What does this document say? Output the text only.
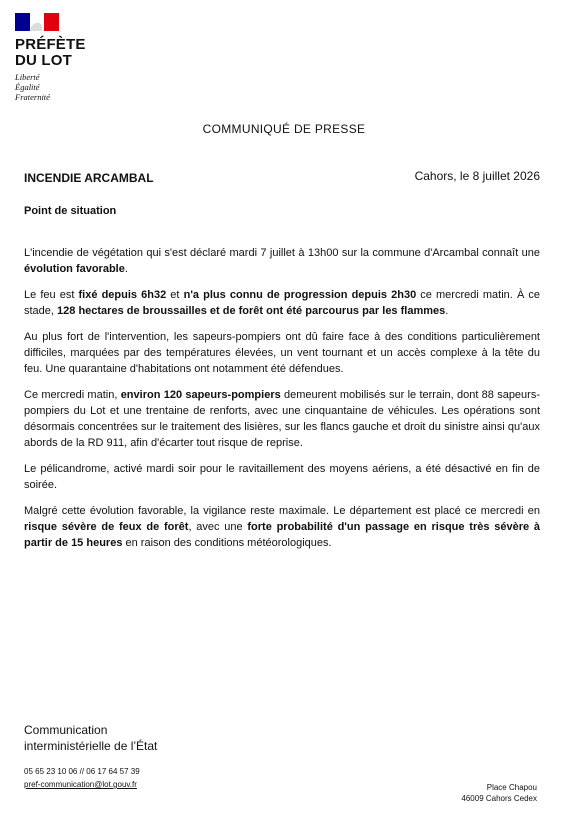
PRÉFÈTE
DU LOT
Liberté
Égalité
Fraternité
COMMUNIQUÉ DE PRESSE
INCENDIE ARCAMBAL	Cahors, le 8 juillet 2026
Point de situation

L'incendie de végétation qui s'est déclaré mardi 7 juillet à 13h00 sur la commune d'Arcambal connaît une évolution favorable.

Le feu est fixé depuis 6h32 et n'a plus connu de progression depuis 2h30 ce mercredi matin. À ce stade, 128 hectares de broussailles et de forêt ont été parcourus par les flammes.

Au plus fort de l'intervention, les sapeurs-pompiers ont dû faire face à des conditions particulièrement difficiles, marquées par des températures élevées, un vent tournant et un accès complexe à la tête du feu. Une quarantaine d'habitations ont notamment été défendues.

Ce mercredi matin, environ 120 sapeurs-pompiers demeurent mobilisés sur le terrain, dont 88 sapeurs-pompiers du Lot et une trentaine de renforts, avec une cinquantaine de véhicules. Les opérations sont désormais concentrées sur le traitement des lisières, sur les flancs gauche et droit du sinistre ainsi qu'aux abords de la RD 911, afin d'écarter tout risque de reprise.

Le pélicandrome, activé mardi soir pour le ravitaillement des moyens aériens, a été désactivé en fin de soirée.

Malgré cette évolution favorable, la vigilance reste maximale. Le département est placé ce mercredi en risque sévère de feux de forêt, avec une forte probabilité d'un passage en risque très sévère à partir de 15 heures en raison des conditions météorologiques.

Communication
interministérielle de l’État
05 65 23 10 06 // 06 17 64 57 39
pref-communication@lot.gouv.fr	Place Chapou
46009 Cahors Cedex
